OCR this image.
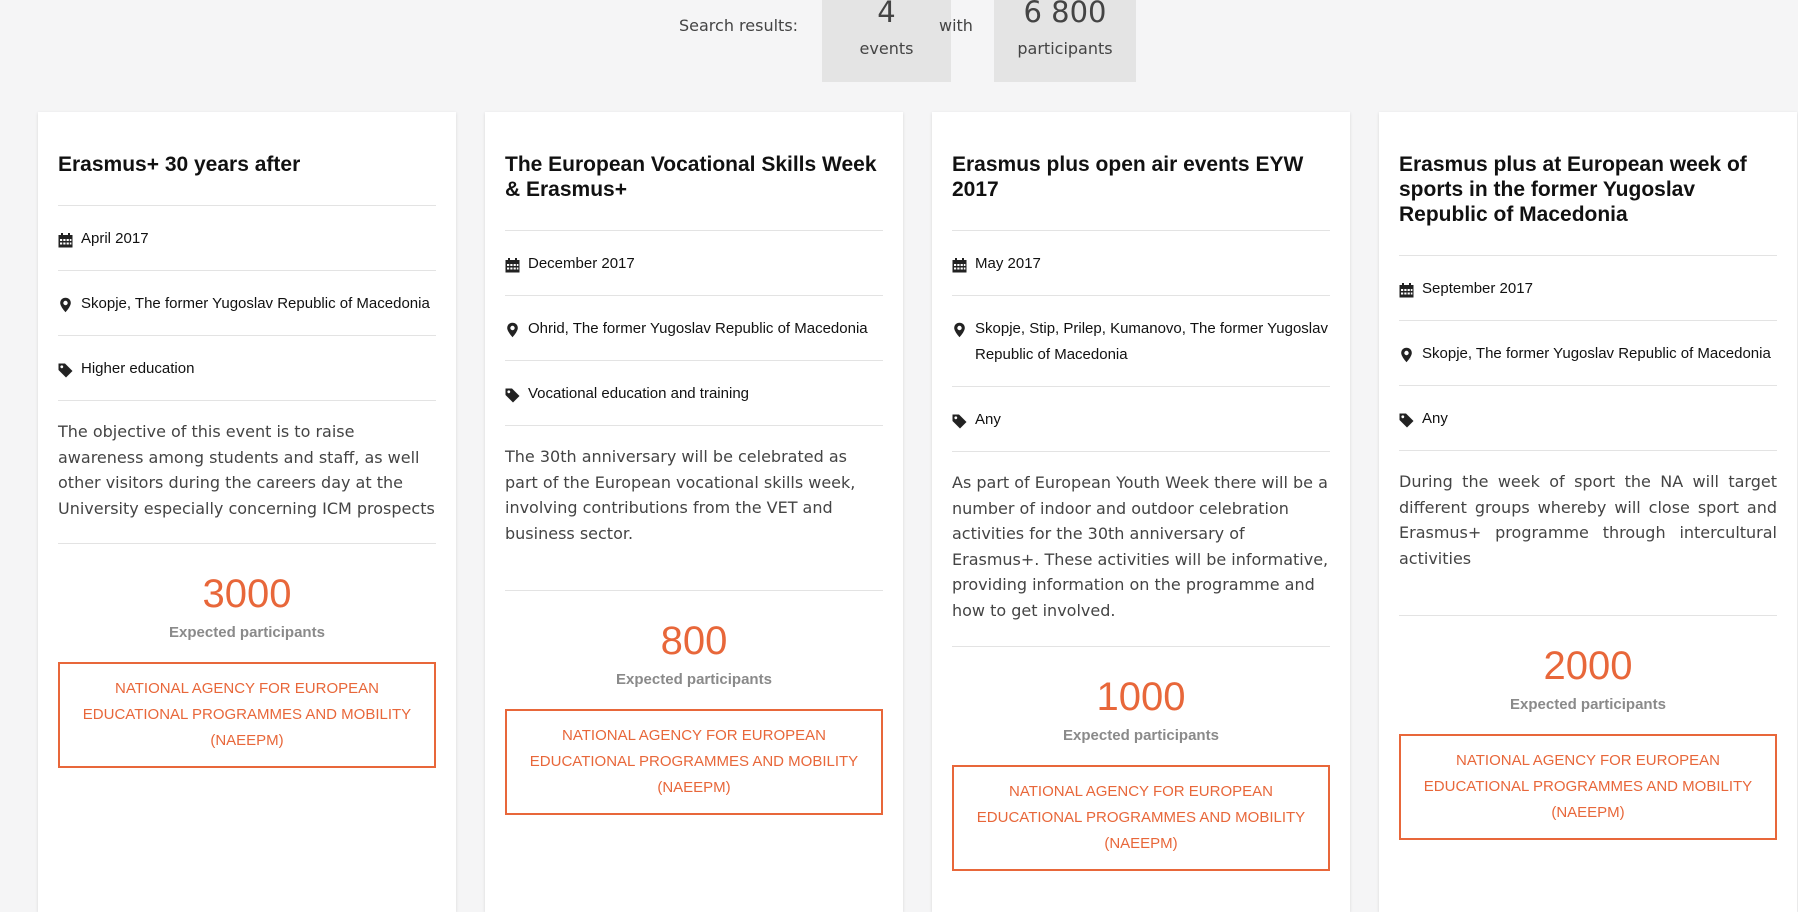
Search results:	4
events
with	6 800
participants
Erasmus+ 30 years after
April 2017
Skopje, The former Yugoslav Republic of Macedonia
Higher education
The objective of this event is to raise awareness among students and staff, as well other visitors during the careers day at the University especially concerning ICM prospects
3000
Expected participants
NATIONAL AGENCY FOR EUROPEAN EDUCATIONAL PROGRAMMES AND MOBILITY (NAEEPM)
The European Vocational Skills Week & Erasmus+
December 2017
Ohrid, The former Yugoslav Republic of Macedonia
Vocational education and training
The 30th anniversary will be celebrated as part of the European vocational skills week, involving contributions from the VET and business sector.
800
Expected participants
NATIONAL AGENCY FOR EUROPEAN EDUCATIONAL PROGRAMMES AND MOBILITY (NAEEPM)
Erasmus plus open air events EYW 2017
May 2017
Skopje, Stip, Prilep, Kumanovo, The former Yugoslav Republic of Macedonia
Any
As part of European Youth Week there will be a number of indoor and outdoor celebration activities for the 30th anniversary of Erasmus+. These activities will be informative, providing information on the programme and how to get involved.
1000
Expected participants
NATIONAL AGENCY FOR EUROPEAN EDUCATIONAL PROGRAMMES AND MOBILITY (NAEEPM)
Erasmus plus at European week of sports in the former Yugoslav Republic of Macedonia
September 2017
Skopje, The former Yugoslav Republic of Macedonia
Any
During the week of sport the NA will target different groups whereby will close sport and Erasmus+ programme through intercultural activities
2000
Expected participants
NATIONAL AGENCY FOR EUROPEAN EDUCATIONAL PROGRAMMES AND MOBILITY (NAEEPM)
